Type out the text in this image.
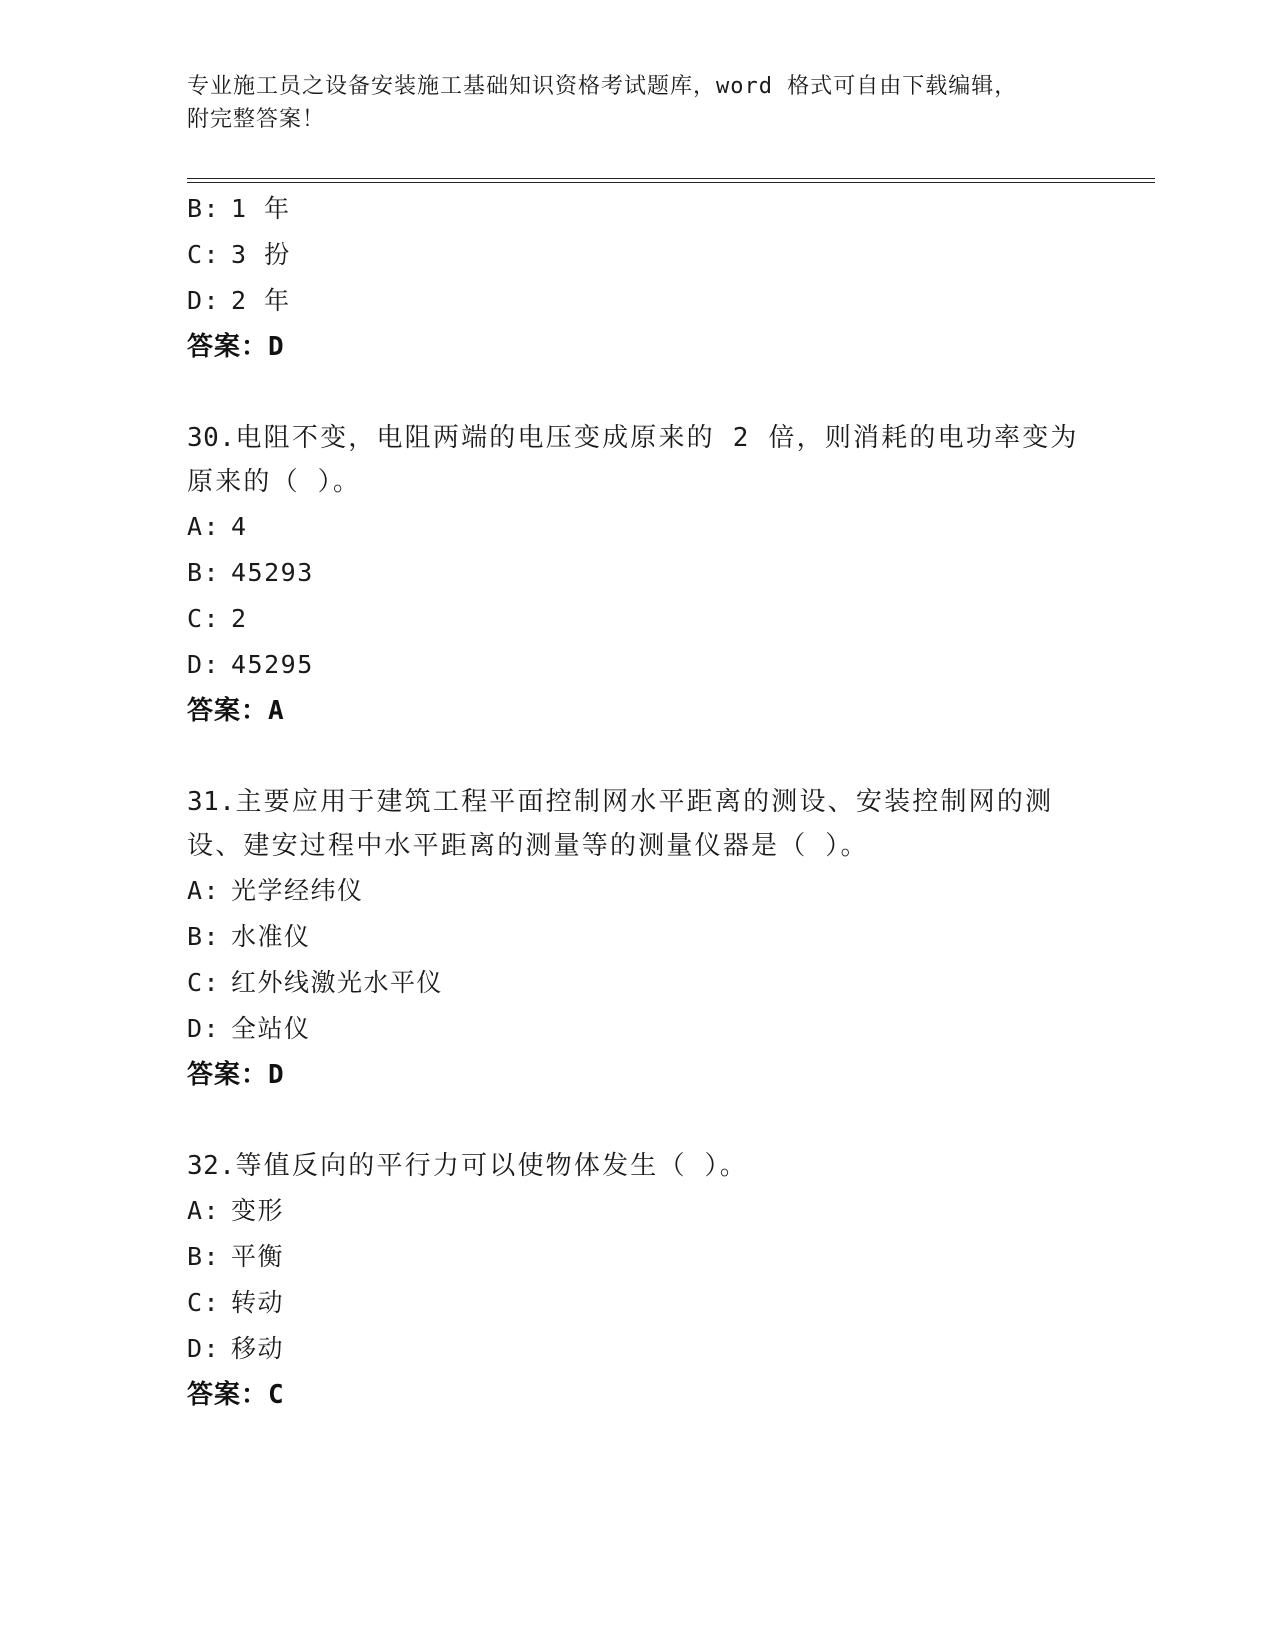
专业施工员之设备安装施工基础知识资格考试题库，word 格式可自由下载编辑，
附完整答案！
B: 1 年
C: 3 扮
D: 2 年
答案：D
30.电阻不变，电阻两端的电压变成原来的 2 倍，则消耗的电功率变为
原来的（ ）。
A: 4
B: 45293
C: 2
D: 45295
答案：A
31.主要应用于建筑工程平面控制网水平距离的测设、安装控制网的测
设、建安过程中水平距离的测量等的测量仪器是（ ）。
A: 光学经纬仪
B: 水准仪
C: 红外线激光水平仪
D: 全站仪
答案：D
32.等值反向的平行力可以使物体发生（ ）。
A: 变形
B: 平衡
C: 转动
D: 移动
答案：C
